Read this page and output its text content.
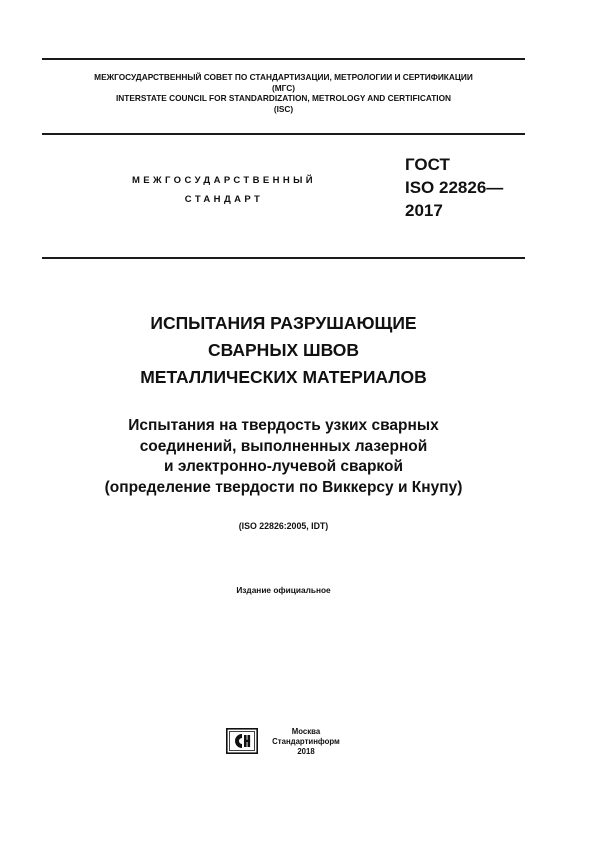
МЕЖГОСУДАРСТВЕННЫЙ СОВЕТ ПО СТАНДАРТИЗАЦИИ, МЕТРОЛОГИИ И СЕРТИФИКАЦИИ
(МГС)
INTERSTATE COUNCIL FOR STANDARDIZATION, METROLOGY AND CERTIFICATION
(ISC)
МЕЖГОСУДАРСТВЕННЫЙ
СТАНДАРТ
ГОСТ
ISO 22826—
2017
ИСПЫТАНИЯ РАЗРУШАЮЩИЕ
СВАРНЫХ ШВОВ
МЕТАЛЛИЧЕСКИХ МАТЕРИАЛОВ
Испытания на твердость узких сварных
соединений, выполненных лазерной
и электронно-лучевой сваркой
(определение твердости по Виккерсу и Кнупу)
(ISO 22826:2005, IDT)
Издание официальное
Москва
Стандартинформ
2018
